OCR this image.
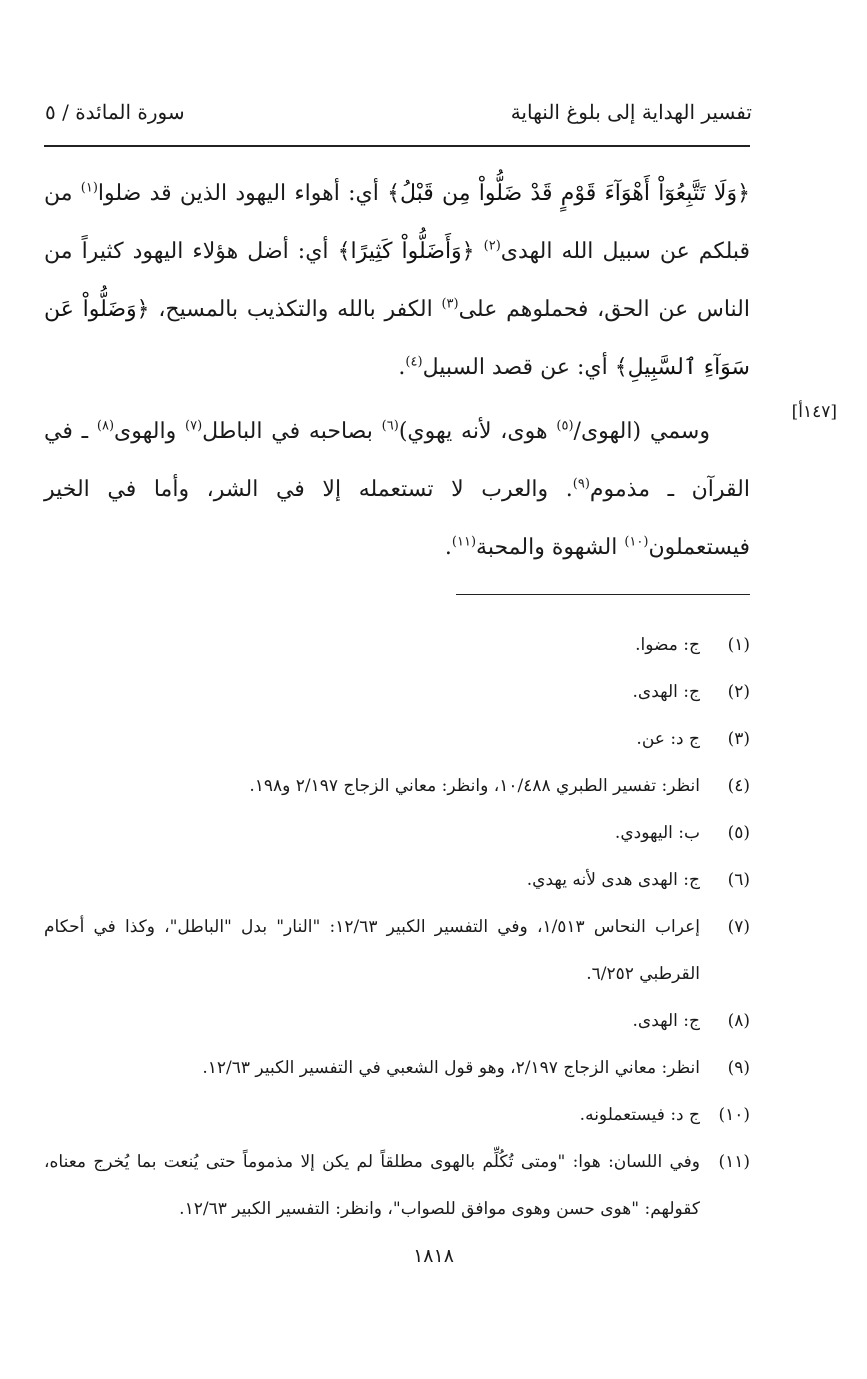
تفسير الهداية إلى بلوغ النهاية
سورة المائدة / ٥
[١٤٧أ]

﴿وَلَا تَتَّبِعُوٓاْ أَهْوَآءَ قَوْمٍ قَدْ ضَلُّواْ مِن قَبْلُ﴾ أي: أهواء اليهود الذين قد ضلوا$^{(١)}$ من قبلكم عن سبيل الله الهدى$^{(٢)}$ ﴿وَأَضَلُّواْ كَثِيرًا﴾ أي: أضل هؤلاء اليهود كثيراً من الناس عن الحق، فحملوهم على$^{(٣)}$ الكفر بالله والتكذيب بالمسيح، ﴿وَضَلُّواْ عَن سَوَآءِ ٱلسَّبِيلِ﴾ أي: عن قصد السبيل$^{(٤)}$.

وسمي (الهوى/$^{(٥)}$ هوى، لأنه يهوي)$^{(٦)}$ بصاحبه في الباطل$^{(٧)}$ والهوى$^{(٨)}$ ـ في القرآن ـ مذموم$^{(٩)}$. والعرب لا تستعمله إلا في الشر، وأما في الخير فيستعملون$^{(١٠)}$ الشهوة والمحبة$^{(١١)}$.

(١)
ج: مضوا.
(٢)
ج: الهدى.
(٣)
ج د: عن.
(٤)
انظر: تفسير الطبري ١٠/٤٨٨، وانظر: معاني الزجاج ٢/١٩٧ و١٩٨.
(٥)
ب: اليهودي.
(٦)
ج: الهدى هدى لأنه يهدي.
(٧)
إعراب النحاس ١/٥١٣، وفي التفسير الكبير ١٢/٦٣: "النار" بدل "الباطل"، وكذا في أحكام القرطبي ٦/٢٥٢.
(٨)
ج: الهدى.
(٩)
انظر: معاني الزجاج ٢/١٩٧، وهو قول الشعبي في التفسير الكبير ١٢/٦٣.
(١٠)
ج د: فيستعملونه.
(١١)
وفي اللسان: هوا: "ومتى تُكُلِّم بالهوى مطلقاً لم يكن إلا مذموماً حتى يُنعت بما يُخرج معناه، كقولهم: "هوى حسن وهوى موافق للصواب"، وانظر: التفسير الكبير ١٢/٦٣.
١٨١٨
